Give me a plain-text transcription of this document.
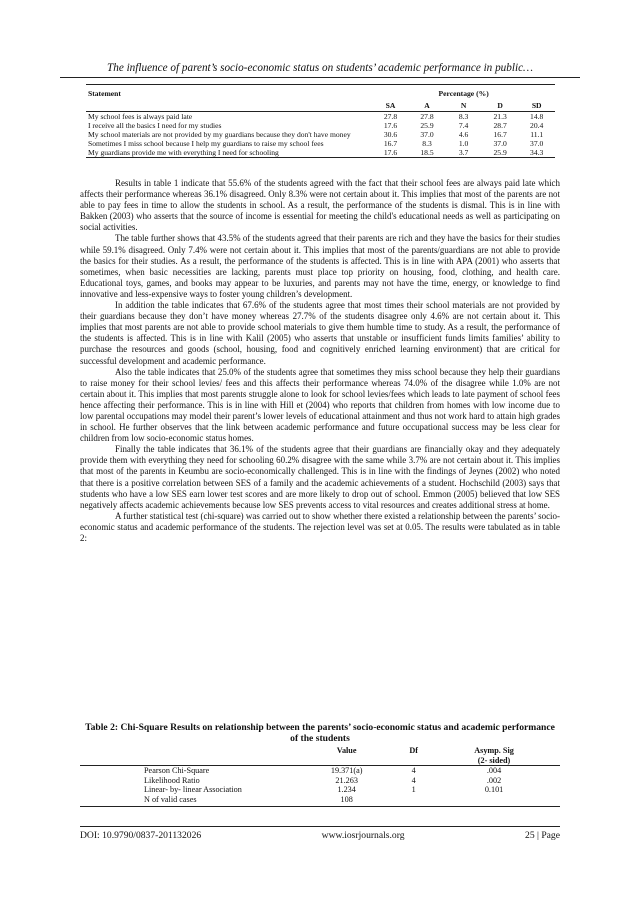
The influence of parent’s socio-economic status on students’ academic performance in public…
Statement	Percentage (%)				
	SA	A	N	D	SD
My school fees is always paid late	27.8	27.8	8.3	21.3	14.8
I receive all the basics I need for my studies	17.6	25.9	7.4	28.7	20.4
My school materials are not provided by my guardians because they don't have money	30.6	37.0	4.6	16.7	11.1
Sometimes I miss school because I help my guardians to raise my school fees	16.7	8.3	1.0	37.0	37.0
My guardians provide me with everything I need for schooling	17.6	18.5	3.7	25.9	34.3

Results in table 1 indicate that 55.6% of the students agreed with the fact that their school fees are always paid late which affects their performance whereas 36.1% disagreed. Only 8.3% were not certain about it. This implies that most of the parents are not able to pay fees in time to allow the students in school. As a result, the performance of the students is dismal. This is in line with Bakken (2003) who asserts that the source of income is essential for meeting the child's educational needs as well as participating on social activities.

The table further shows that 43.5% of the students agreed that their parents are rich and they have the basics for their studies while 59.1% disagreed. Only 7.4% were not certain about it. This implies that most of the parents/guardians are not able to provide the basics for their studies. As a result, the performance of the students is affected. This is in line with APA (2001) who asserts that sometimes, when basic necessities are lacking, parents must place top priority on housing, food, clothing, and health care. Educational toys, games, and books may appear to be luxuries, and parents may not have the time, energy, or knowledge to find innovative and less-expensive ways to foster young children’s development.

In addition the table indicates that 67.6% of the students agree that most times their school materials are not provided by their guardians because they don’t have money whereas 27.7% of the students disagree only 4.6% are not certain about it. This implies that most parents are not able to provide school materials to give them humble time to study. As a result, the performance of the students is affected. This is in line with Kalil (2005) who asserts that unstable or insufficient funds limits families’ ability to purchase the resources and goods (school, housing, food and cognitively enriched learning environment) that are critical for successful development and academic performance.

Also the table indicates that 25.0% of the students agree that sometimes they miss school because they help their guardians to raise money for their school levies/ fees and this affects their performance whereas 74.0% of the disagree while 1.0% are not certain about it. This implies that most parents struggle alone to look for school levies/fees which leads to late payment of school fees hence affecting their performance. This is in line with Hill et (2004) who reports that children from homes with low income due to low parental occupations may model their parent’s lower levels of educational attainment and thus not work hard to attain high grades in school. He further observes that the link between academic performance and future occupational success may be less clear for children from low socio-economic status homes.

Finally the table indicates that 36.1% of the students agree that their guardians are financially okay and they adequately provide them with everything they need for schooling 60.2% disagree with the same while 3.7% are not certain about it. This implies that most of the parents in Keumbu are socio-economically challenged. This is in line with the findings of Jeynes (2002) who noted that there is a positive correlation between SES of a family and the academic achievements of a student. Hochschild (2003) says that students who have a low SES earn lower test scores and are more likely to drop out of school. Emmon (2005) believed that low SES negatively affects academic achievements because low SES prevents access to vital resources and creates additional stress at home.

A further statistical test (chi-square) was carried out to show whether there existed a relationship between the parents’ socio-economic status and academic performance of the students. The rejection level was set at 0.05. The results were tabulated as in table 2:

Table 2: Chi-Square Results on relationship between the parents’ socio-economic status and academic performance of the students
	Value	Df	Asymp. Sig
			(2- sided)
Pearson Chi-Square	19.371(a)	4	.004
Likelihood Ratio	21.263	4	.002
Linear- by- linear Association	1.234	1	0.101
N of valid cases	108		
DOI: 10.9790/0837-201132026	www.iosrjournals.org	25 | Page
